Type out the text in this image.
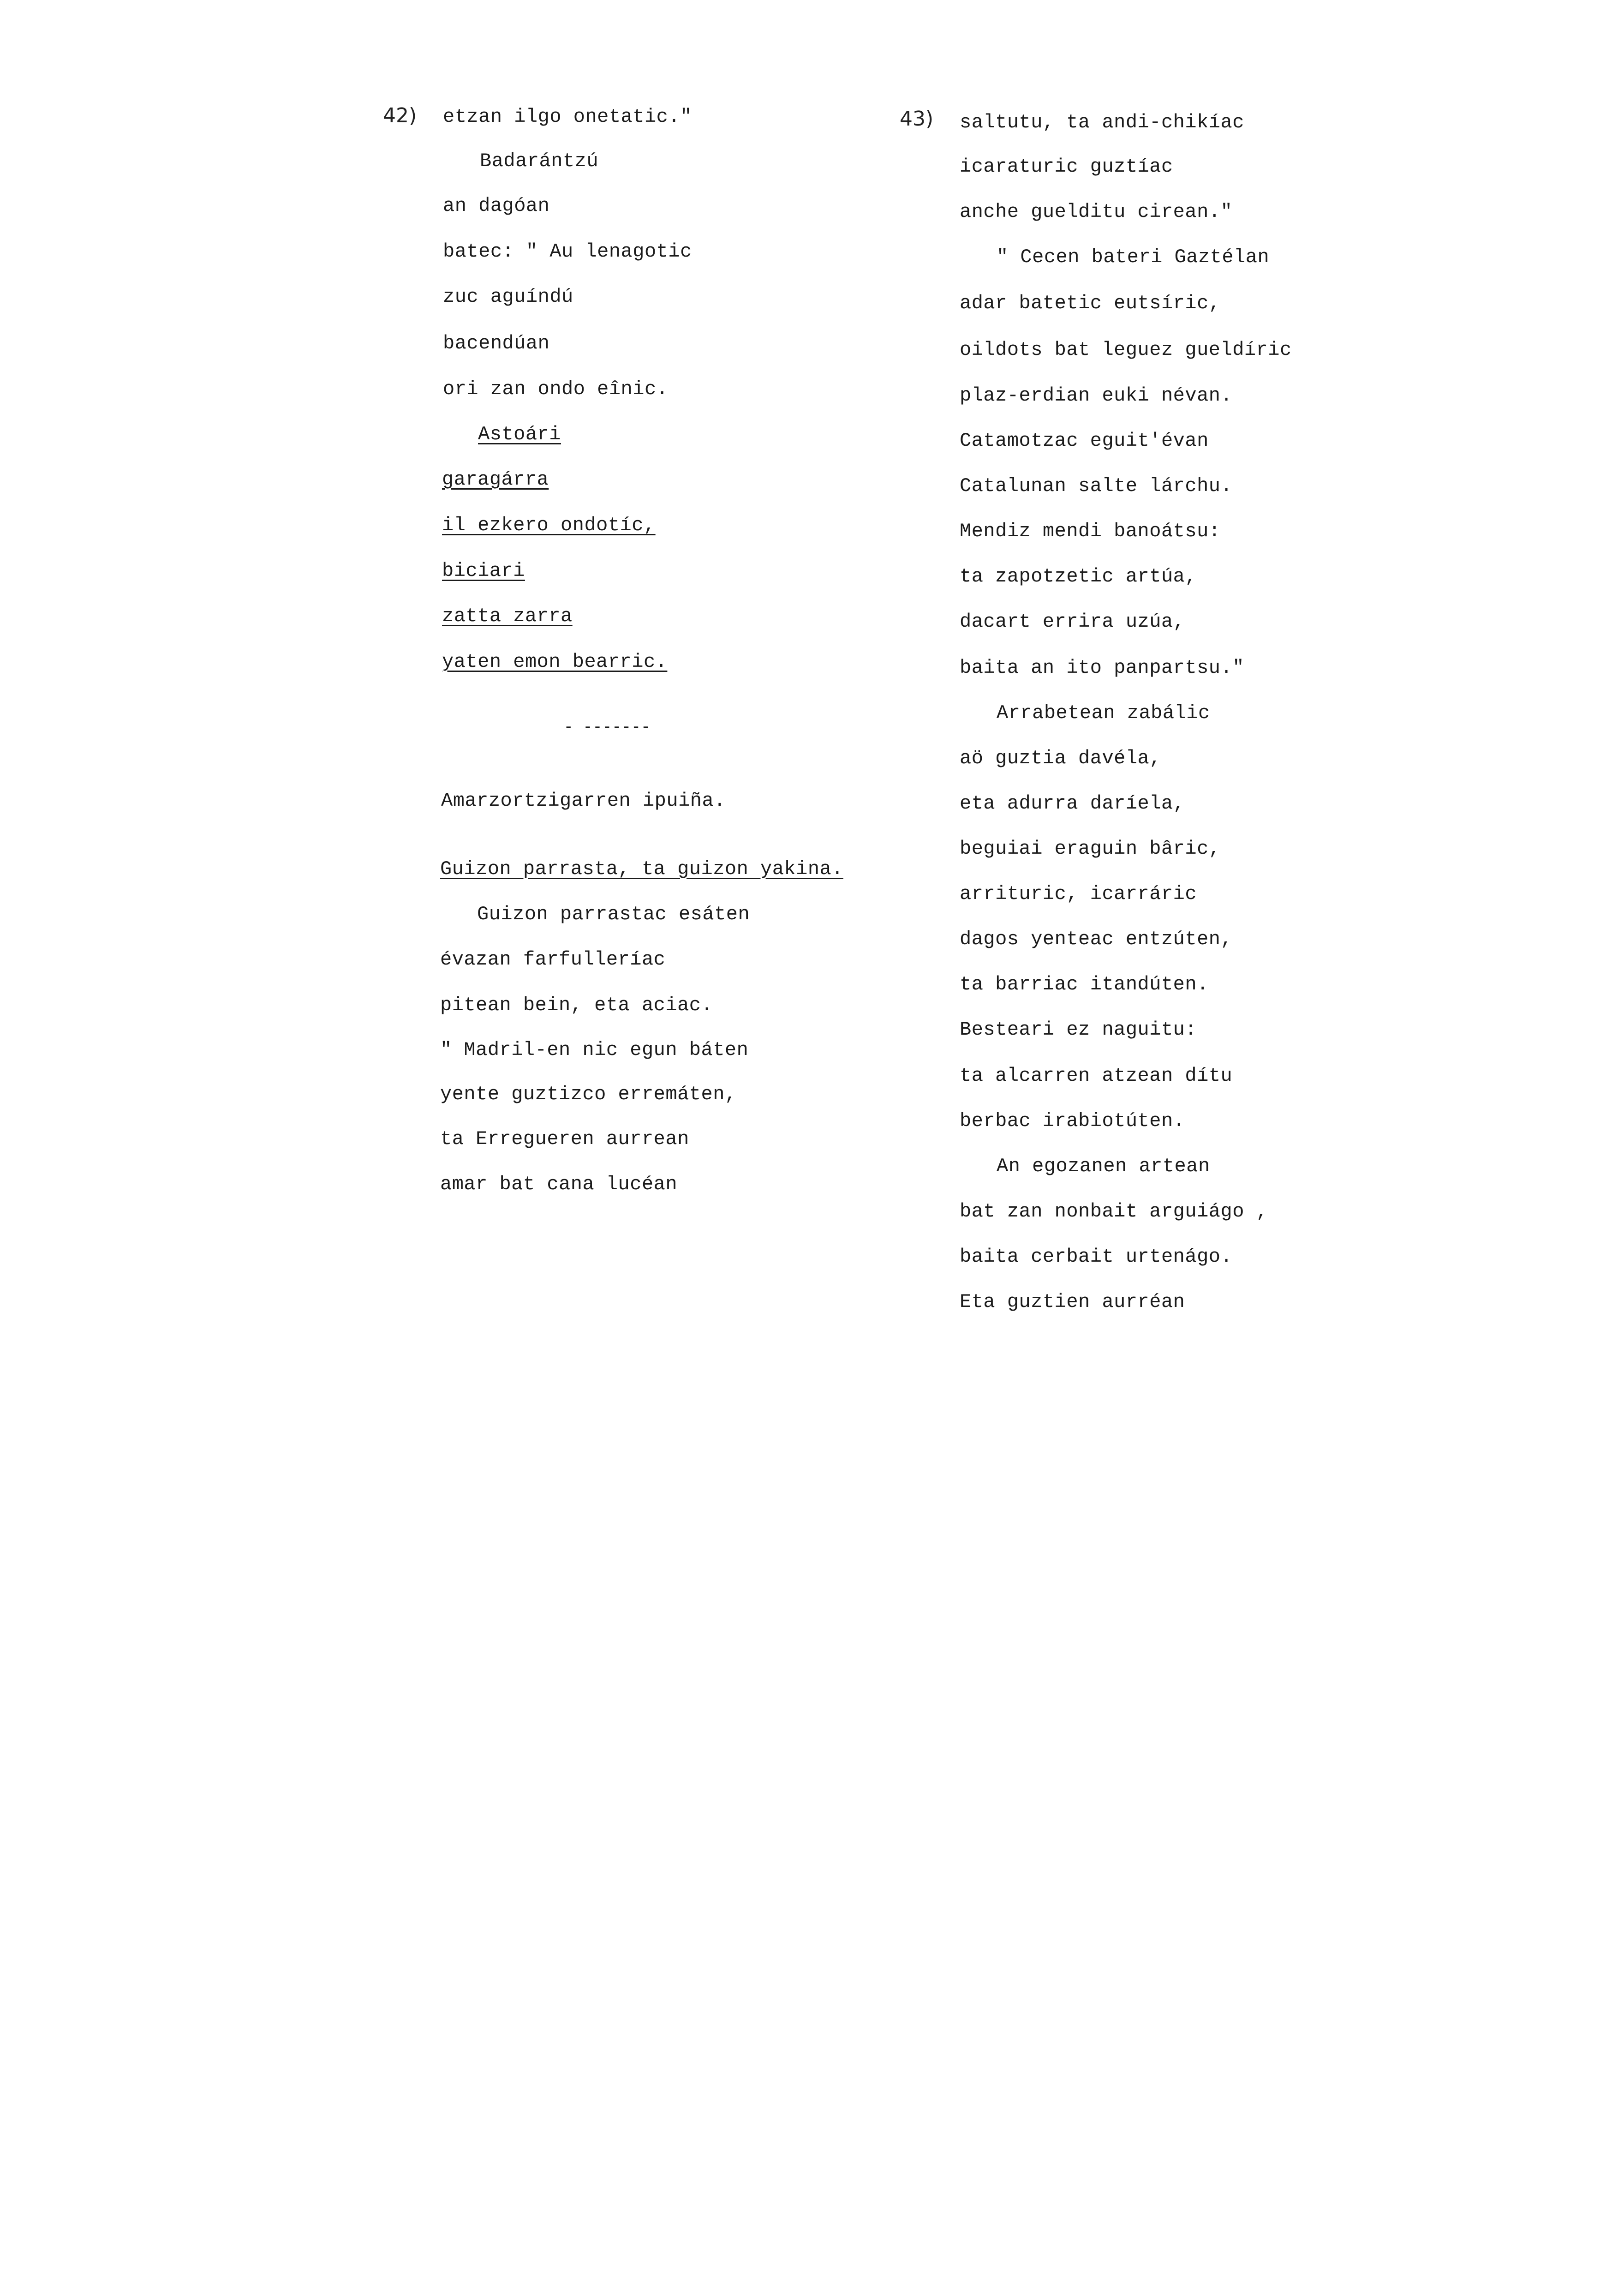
42) etzan ilgo onetatic."
Badarántzú
an dagóan
batec: " Au lenagotic
zuc aguíndú
bacendúan
ori zan ondo eînic.
Astoári
garagárra
il ezkero ondotíc,
biciari
zatta zarra
yaten emon bearric.
- -------
Amarzortzigarren ipuiña.
Guizon parrasta, ta guizon yakina.
Guizon parrastac esáten
évazan farfulleríac
pitean bein, eta aciac.
" Madril-en nic egun báten
yente guztizco erremáten,
ta Erregueren aurrean
amar bat cana lucéan
43) saltutu, ta andi-chikíac
icaraturic guztíac
anche guelditu cirean."
" Cecen bateri Gaztélan
adar batetic eutsíric,
oildots bat leguez gueldíric
plaz-erdian euki névan.
Catamotzac eguit'évan
Catalunan salte lárchu.
Mendiz mendi banoátsu:
ta zapotzetic artúa,
dacart errira uzúa,
baita an ito panpartsu."
Arrabetean zabálic
aö guztia davéla,
eta adurra daríela,
beguiai eraguin bâric,
arrituric, icarráric
dagos yenteac entzúten,
ta barriac itandúten.
Besteari ez naguitu:
ta alcarren atzean dítu
berbac irabiotúten.
An egozanen artean
bat zan nonbait arguiágo ,
baita cerbait urtenágo.
Eta guztien aurréan
